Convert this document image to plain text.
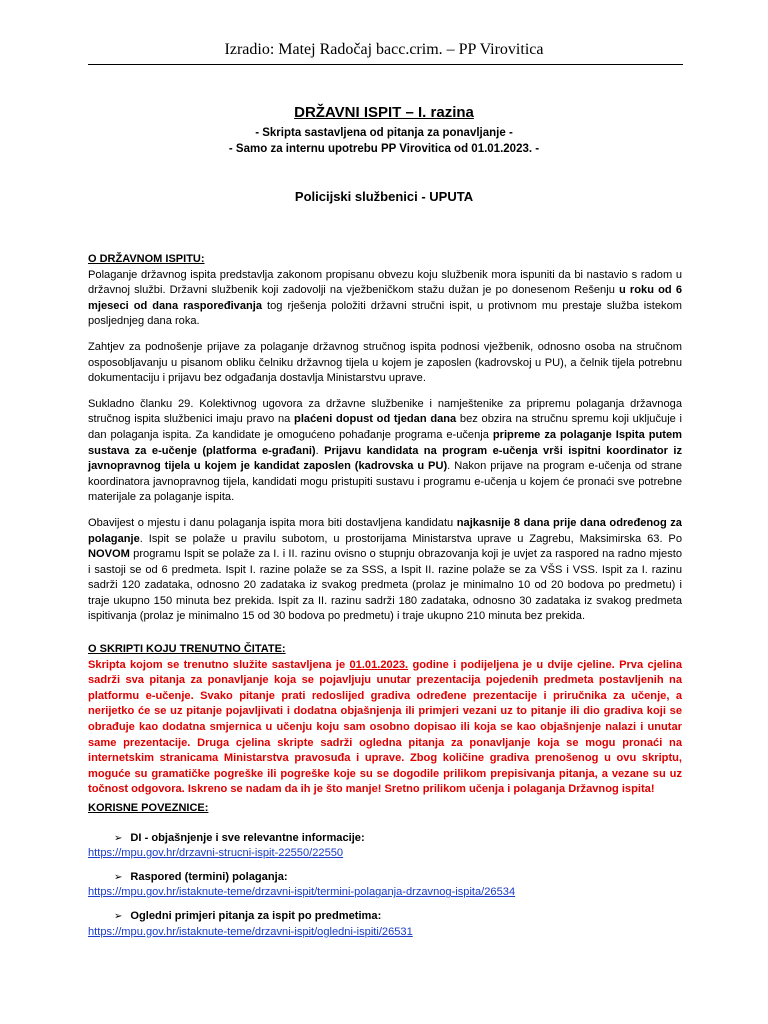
Izradio: Matej Radočaj bacc.crim. – PP Virovitica
DRŽAVNI ISPIT – I. razina
- Skripta sastavljena od pitanja za ponavljanje -
- Samo za internu upotrebu PP Virovitica od 01.01.2023. -
Policijski službenici - UPUTA
O DRŽAVNOM ISPITU:

Polaganje državnog ispita predstavlja zakonom propisanu obvezu koju službenik mora ispuniti da bi nastavio s radom u državnoj službi. Državni službenik koji zadovolji na vježbeničkom stažu dužan je po donesenom Rešenju u roku od 6 mjeseci od dana raspoređivanja tog rješenja položiti državni stručni ispit, u protivnom mu prestaje služba istekom posljednjeg dana roka.

Zahtjev za podnošenje prijave za polaganje državnog stručnog ispita podnosi vježbenik, odnosno osoba na stručnom osposobljavanju u pisanom obliku čelniku državnog tijela u kojem je zaposlen (kadrovskoj u PU), a čelnik tijela potrebnu dokumentaciju i prijavu bez odgađanja dostavlja Ministarstvu uprave.

Sukladno članku 29. Kolektivnog ugovora za državne službenike i namještenike za pripremu polaganja državnoga stručnog ispita službenici imaju pravo na plaćeni dopust od tjedan dana bez obzira na stručnu spremu koji uključuje i dan polaganja ispita. Za kandidate je omogućeno pohađanje programa e-učenja pripreme za polaganje Ispita putem sustava za e-učenje (platforma e-građani). Prijavu kandidata na program e-učenja vrši ispitni koordinator iz javnopravnog tijela u kojem je kandidat zaposlen (kadrovska u PU). Nakon prijave na program e-učenja od strane koordinatora javnopravnog tijela, kandidati mogu pristupiti sustavu i programu e-učenja u kojem će pronaći sve potrebne materijale za polaganje ispita.

Obavijest o mjestu i danu polaganja ispita mora biti dostavljena kandidatu najkasnije 8 dana prije dana određenog za polaganje. Ispit se polaže u pravilu subotom, u prostorijama Ministarstva uprave u Zagrebu, Maksimirska 63. Po NOVOM programu Ispit se polaže za I. i II. razinu ovisno o stupnju obrazovanja koji je uvjet za raspored na radno mjesto i sastoji se od 6 predmeta. Ispit I. razine polaže se za SSS, a Ispit II. razine polaže se za VŠS i VSS. Ispit za I. razinu sadrži 120 zadataka, odnosno 20 zadataka iz svakog predmeta (prolaz je minimalno 10 od 20 bodova po predmetu) i traje ukupno 150 minuta bez prekida. Ispit za II. razinu sadrži 180 zadataka, odnosno 30 zadataka iz svakog predmeta ispitivanja (prolaz je minimalno 15 od 30 bodova po predmetu) i traje ukupno 210 minuta bez prekida.

O SKRIPTI KOJU TRENUTNO ČITATE:

Skripta kojom se trenutno služite sastavljena je 01.01.2023. godine i podijeljena je u dvije cjeline. Prva cjelina sadrži sva pitanja za ponavljanje koja se pojavljuju unutar prezentacija pojedenih predmeta postavljenih na platformu e-učenje. Svako pitanje prati redoslijed gradiva određene prezentacije i priručnika za učenje, a nerijetko će se uz pitanje pojavljivati i dodatna objašnjenja ili primjeri vezani uz to pitanje ili dio gradiva koji se obrađuje kao dodatna smjernica u učenju koju sam osobno dopisao ili koja se kao objašnjenje nalazi i unutar same prezentacije. Druga cjelina skripte sadrži ogledna pitanja za ponavljanje koja se mogu pronaći na internetskim stranicama Ministarstva pravosuđa i uprave. Zbog količine gradiva prenošenog u ovu skriptu, moguće su gramatičke pogreške ili pogreške koje su se dogodile prilikom prepisivanja pitanja, a vezane su uz točnost odgovora. Iskreno se nadam da ih je što manje! Sretno prilikom učenja i polaganja Državnog ispita!

KORISNE POVEZNICE:
➢ DI - objašnjenje i sve relevantne informacije:
https://mpu.gov.hr/drzavni-strucni-ispit-22550/22550
➢ Raspored (termini) polaganja:
https://mpu.gov.hr/istaknute-teme/drzavni-ispit/termini-polaganja-drzavnog-ispita/26534
➢ Ogledni primjeri pitanja za ispit po predmetima:
https://mpu.gov.hr/istaknute-teme/drzavni-ispit/ogledni-ispiti/26531
